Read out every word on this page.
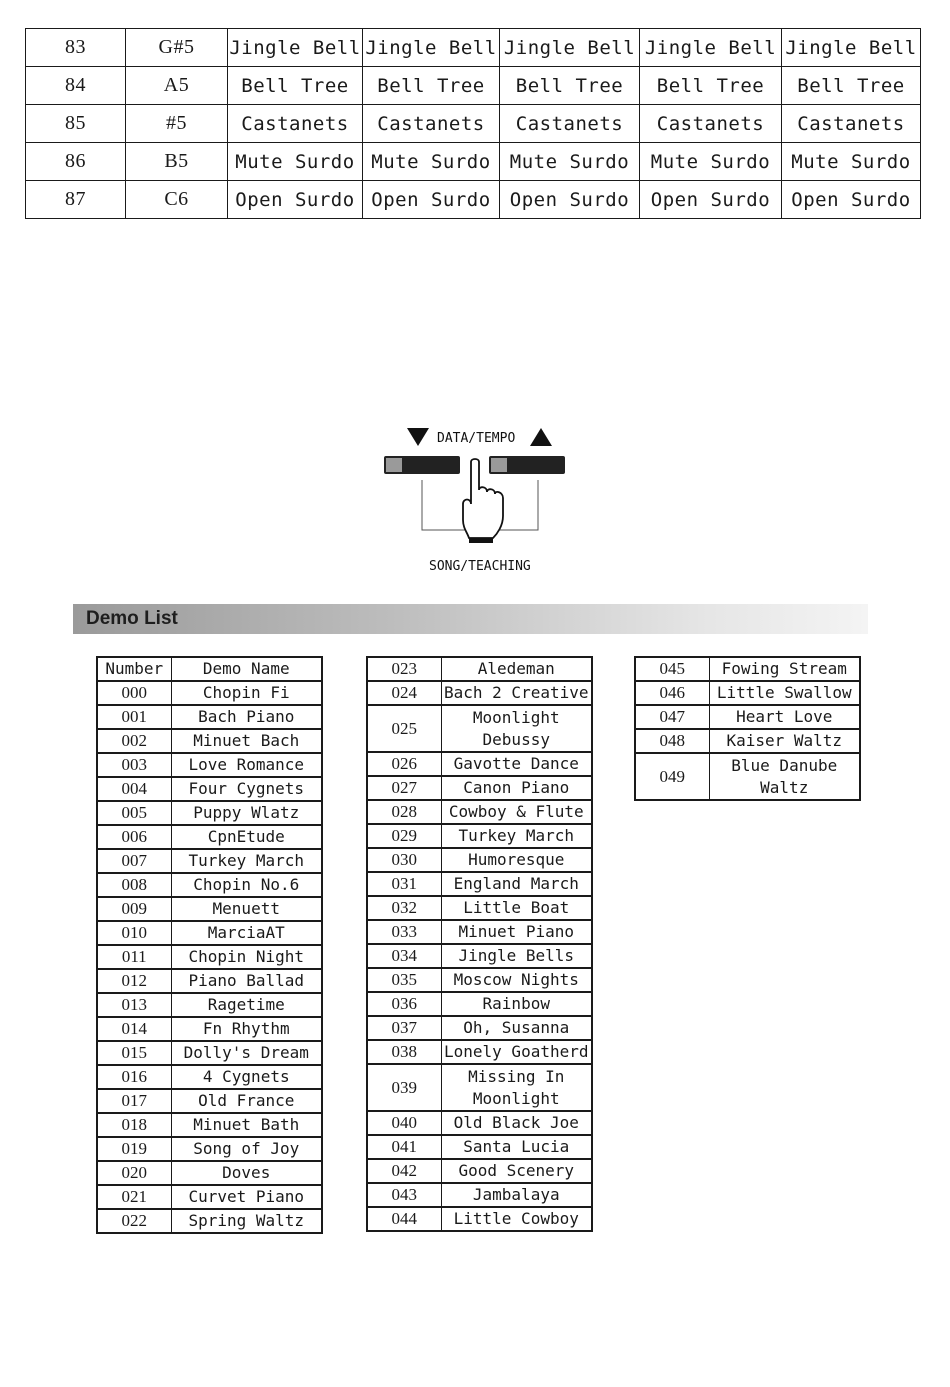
83	G#5	Jingle Bell	Jingle Bell	Jingle Bell	Jingle Bell	Jingle Bell
84	A5	Bell Tree	Bell Tree	Bell Tree	Bell Tree	Bell Tree
85	#5	Castanets	Castanets	Castanets	Castanets	Castanets
86	B5	Mute Surdo	Mute Surdo	Mute Surdo	Mute Surdo	Mute Surdo
87	C6	Open Surdo	Open Surdo	Open Surdo	Open Surdo	Open Surdo
DATA/TEMPO
SONG/TEACHING
Demo List
Number	Demo Name
000	Chopin Fi
001	Bach Piano
002	Minuet Bach
003	Love Romance
004	Four Cygnets
005	Puppy Wlatz
006	CpnEtude
007	Turkey March
008	Chopin No.6
009	Menuett
010	MarciaAT
011	Chopin Night
012	Piano Ballad
013	Ragetime
014	Fn Rhythm
015	Dolly's Dream
016	4 Cygnets
017	Old France
018	Minuet Bath
019	Song of Joy
020	Doves
021	Curvet Piano
022	Spring Waltz
023	Aledeman
024	Bach 2 Creative
025	Moonlight Debussy
026	Gavotte Dance
027	Canon Piano
028	Cowboy & Flute
029	Turkey March
030	Humoresque
031	England March
032	Little Boat
033	Minuet Piano
034	Jingle Bells
035	Moscow Nights
036	Rainbow
037	Oh, Susanna
038	Lonely Goatherd
039	Missing In Moonlight
040	Old Black Joe
041	Santa Lucia
042	Good Scenery
043	Jambalaya
044	Little Cowboy
045	Fowing Stream
046	Little Swallow
047	Heart Love
048	Kaiser Waltz
049	Blue Danube Waltz
